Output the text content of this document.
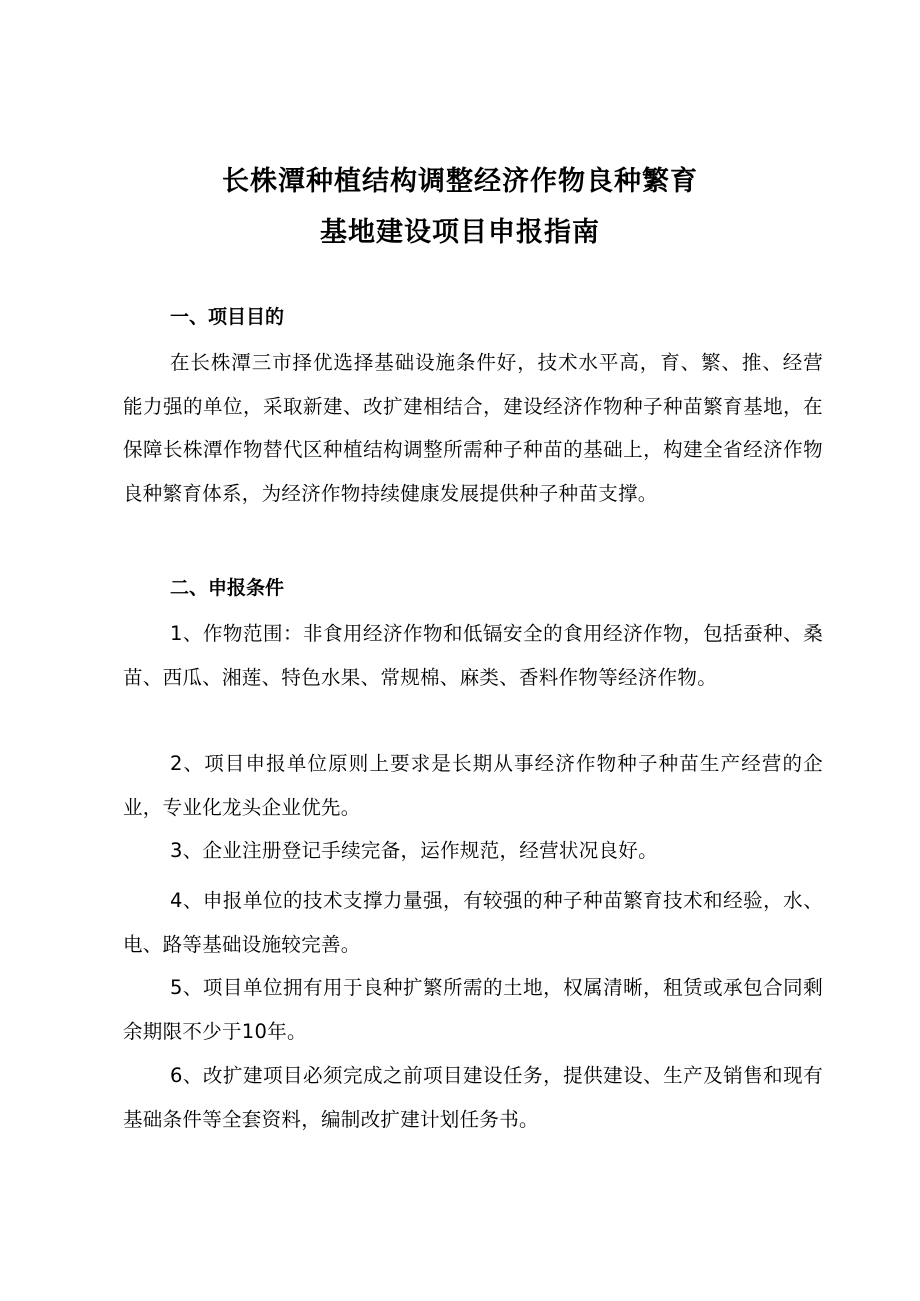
长株潭种植结构调整经济作物良种繁育
基地建设项目申报指南
一、项目目的
在长株潭三市择优选择基础设施条件好，技术水平高，育、繁、推、经营能力强的单位，采取新建、改扩建相结合，建设经济作物种子种苗繁育基地，在保障长株潭作物替代区种植结构调整所需种子种苗的基础上，构建全省经济作物良种繁育体系，为经济作物持续健康发展提供种子种苗支撑。
二、申报条件
1、作物范围：非食用经济作物和低镉安全的食用经济作物，包括蚕种、桑苗、西瓜、湘莲、特色水果、常规棉、麻类、香料作物等经济作物。
2、项目申报单位原则上要求是长期从事经济作物种子种苗生产经营的企业，专业化龙头企业优先。
3、企业注册登记手续完备，运作规范，经营状况良好。
4、申报单位的技术支撑力量强，有较强的种子种苗繁育技术和经验，水、电、路等基础设施较完善。
5、项目单位拥有用于良种扩繁所需的土地，权属清晰，租赁或承包合同剩余期限不少于10年。
6、改扩建项目必须完成之前项目建设任务，提供建设、生产及销售和现有基础条件等全套资料，编制改扩建计划任务书。
